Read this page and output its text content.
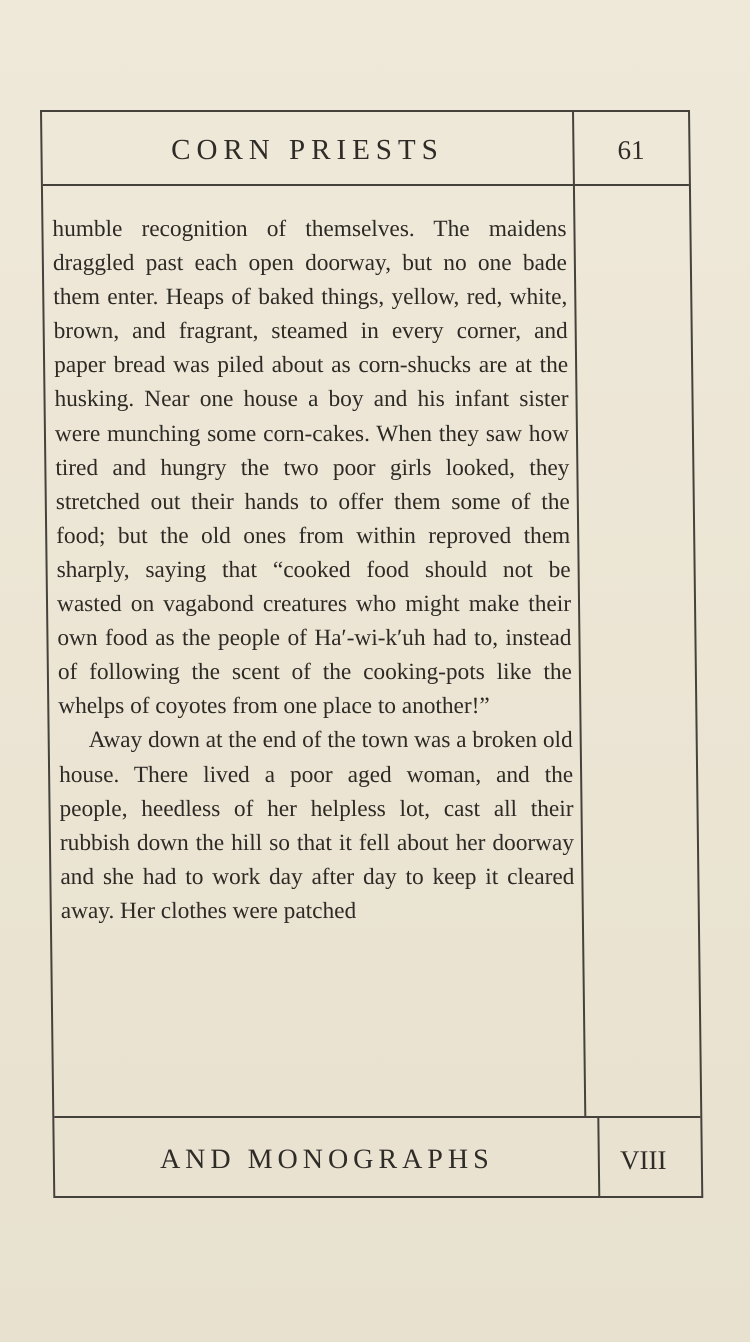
CORN PRIESTS	61

humble recognition of themselves. The maidens draggled past each open doorway, but no one bade them enter. Heaps of baked things, yellow, red, white, brown, and fragrant, steamed in every corner, and paper bread was piled about as corn-shucks are at the husking. Near one house a boy and his infant sister were munching some corn-cakes. When they saw how tired and hungry the two poor girls looked, they stretched out their hands to offer them some of the food; but the old ones from within reproved them sharply, saying that “cooked food should not be wasted on vagabond creatures who might make their own food as the people of Ha′-wi-k′uh had to, instead of following the scent of the cooking-pots like the whelps of coyotes from one place to another!”

Away down at the end of the town was a broken old house. There lived a poor aged woman, and the people, heedless of her helpless lot, cast all their rubbish down the hill so that it fell about her doorway and she had to work day after day to keep it cleared away. Her clothes were patched

AND MONOGRAPHS	VIII
